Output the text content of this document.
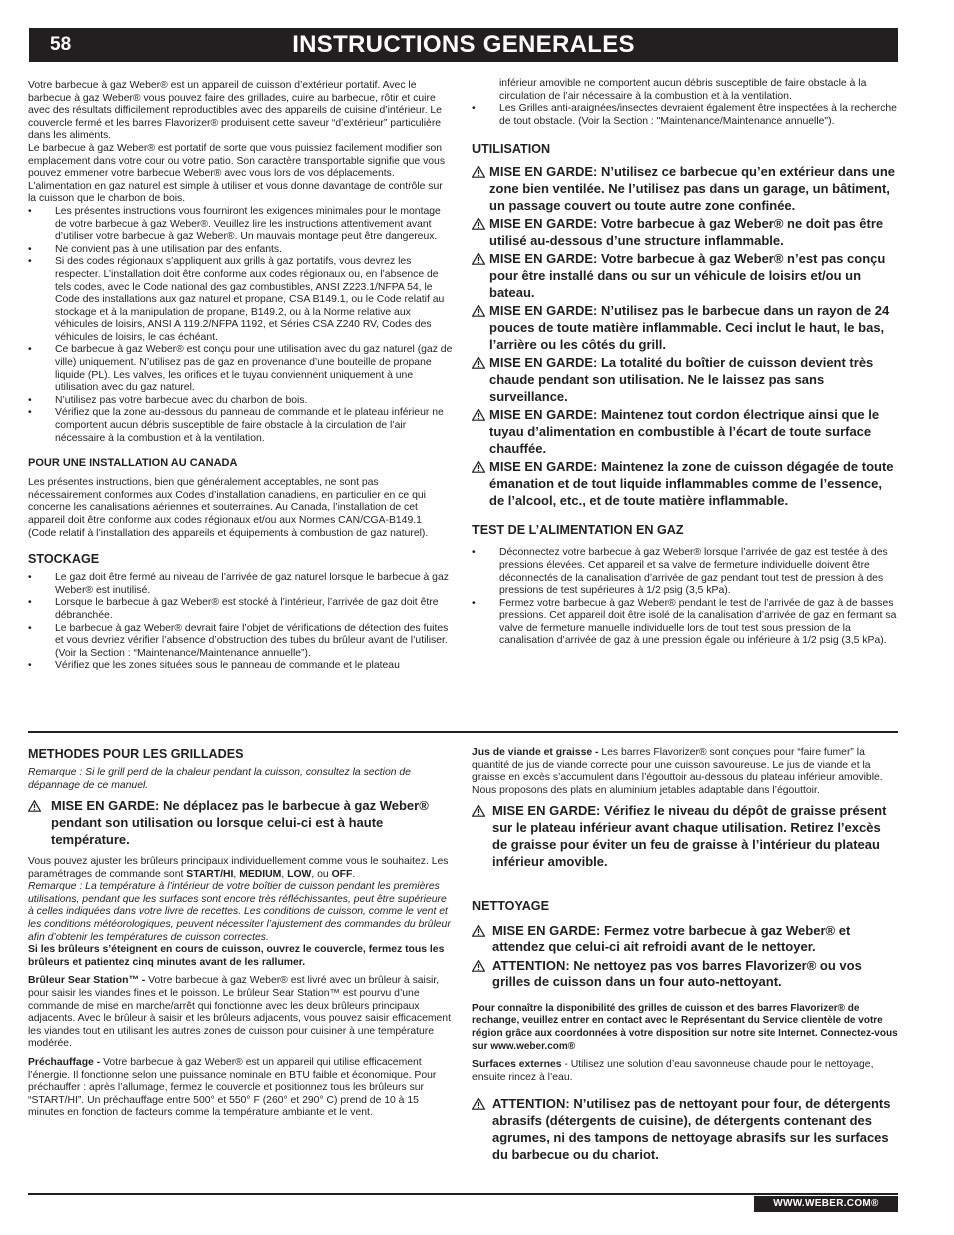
58	INSTRUCTIONS GENERALES

Votre barbecue à gaz Weber® est un appareil de cuisson d’extérieur portatif. Avec le barbecue à gaz Weber® vous pouvez faire des grillades, cuire au barbecue, rôtir et cuire avec des résultats difficilement reproductibles avec des appareils de cuisine d’intérieur. Le couvercle fermé et les barres Flavorizer® produisent cette saveur “d’extérieur” particulière dans les aliments.

Le barbecue à gaz Weber® est portatif de sorte que vous puissiez facilement modifier son emplacement dans votre cour ou votre patio. Son caractère transportable signifie que vous pouvez emmener votre barbecue Weber® avec vous lors de vos déplacements.

L’alimentation en gaz naturel est simple à utiliser et vous donne davantage de contrôle sur la cuisson que le charbon de bois.

• Les présentes instructions vous fourniront les exigences minimales pour le montage de votre barbecue à gaz Weber®. Veuillez lire les instructions attentivement avant d’utiliser votre barbecue à gaz Weber®. Un mauvais montage peut être dangereux.
• Ne convient pas à une utilisation par des enfants.
• Si des codes régionaux s’appliquent aux grills à gaz portatifs, vous devrez les respecter. L’installation doit être conforme aux codes régionaux ou, en l’absence de tels codes, avec le Code national des gaz combustibles, ANSI Z223.1/NFPA 54, le Code des installations aux gaz naturel et propane, CSA B149.1, ou le Code relatif au stockage et à la manipulation de propane, B149.2, ou à la Norme relative aux véhicules de loisirs, ANSI A 119.2/NFPA 1192, et Séries CSA Z240 RV, Codes des véhicules de loisirs, le cas échéant.
• Ce barbecue à gaz Weber® est conçu pour une utilisation avec du gaz naturel (gaz de ville) uniquement. N’utilisez pas de gaz en provenance d’une bouteille de propane liquide (PL). Les valves, les orifices et le tuyau conviennent uniquement à une utilisation avec du gaz naturel.
• N’utilisez pas votre barbecue avec du charbon de bois.
• Vérifiez que la zone au-dessous du panneau de commande et le plateau inférieur ne comportent aucun débris susceptible de faire obstacle à la circulation de l’air nécessaire à la combustion et à la ventilation.
POUR UNE INSTALLATION AU CANADA

Les présentes instructions, bien que généralement acceptables, ne sont pas nécessairement conformes aux Codes d’installation canadiens, en particulier en ce qui concerne les canalisations aériennes et souterraines. Au Canada, l’installation de cet appareil doit être conforme aux codes régionaux et/ou aux Normes CAN/CGA-B149.1 (Code relatif à l’installation des appareils et équipements à combustion de gaz naturel).

STOCKAGE
• Le gaz doit être fermé au niveau de l’arrivée de gaz naturel lorsque le barbecue à gaz Weber® est inutilisé.
• Lorsque le barbecue à gaz Weber® est stocké à l’intérieur, l’arrivée de gaz doit être débranchée.
• Le barbecue à gaz Weber® devrait faire l’objet de vérifications de détection des fuites et vous devriez vérifier l’absence d’obstruction des tubes du brûleur avant de l’utiliser. (Voir la Section : “Maintenance/Maintenance annuelle”).
• Vérifiez que les zones situées sous le panneau de commande et le plateau

inférieur amovible ne comportent aucun débris susceptible de faire obstacle à la circulation de l’air nécessaire à la combustion et à la ventilation.

• Les Grilles anti-araignées/insectes devraient également être inspectées à la recherche de tout obstacle. (Voir la Section : "Maintenance/Maintenance annuelle").
UTILISATION
MISE EN GARDE: N’utilisez ce barbecue qu’en extérieur dans une zone bien ventilée. Ne l’utilisez pas dans un garage, un bâtiment, un passage couvert ou toute autre zone confinée.
MISE EN GARDE: Votre barbecue à gaz Weber® ne doit pas être utilisé au-dessous d’une structure inflammable.
MISE EN GARDE: Votre barbecue à gaz Weber® n’est pas conçu pour être installé dans ou sur un véhicule de loisirs et/ou un bateau.
MISE EN GARDE: N’utilisez pas le barbecue dans un rayon de 24 pouces de toute matière inflammable. Ceci inclut le haut, le bas, l’arrière ou les côtés du grill.
MISE EN GARDE: La totalité du boîtier de cuisson devient très chaude pendant son utilisation. Ne le laissez pas sans surveillance.
MISE EN GARDE: Maintenez tout cordon électrique ainsi que le tuyau d’alimentation en combustible à l’écart de toute surface chauffée.
MISE EN GARDE: Maintenez la zone de cuisson dégagée de toute émanation et de tout liquide inflammables comme de l’essence, de l’alcool, etc., et de toute matière inflammable.
TEST DE L’ALIMENTATION EN GAZ
• Déconnectez votre barbecue à gaz Weber® lorsque l’arrivée de gaz est testée à des pressions élevées. Cet appareil et sa valve de fermeture individuelle doivent être déconnectés de la canalisation d’arrivée de gaz pendant tout test de pression à des pressions de test supérieures à 1/2 psig (3,5 kPa).
• Fermez votre barbecue à gaz Weber® pendant le test de l’arrivée de gaz à de basses pressions. Cet appareil doit être isolé de la canalisation d’arrivée de gaz en fermant sa valve de fermeture manuelle individuelle lors de tout test sous pression de la canalisation d’arrivée de gaz à une pression égale ou inférieure à 1/2 psig (3,5 kPa).
METHODES POUR LES GRILLADES

Remarque : Si le grill perd de la chaleur pendant la cuisson, consultez la section de dépannage de ce manuel.

MISE EN GARDE: Ne déplacez pas le barbecue à gaz Weber® pendant son utilisation ou lorsque celui-ci est à haute température.

Vous pouvez ajuster les brûleurs principaux individuellement comme vous le souhaitez. Les paramétrages de commande sont START/HI, MEDIUM, LOW, ou OFF.

Remarque : La température à l’intérieur de votre boîtier de cuisson pendant les premières utilisations, pendant que les surfaces sont encore très réfléchissantes, peut être supérieure à celles indiquées dans votre livre de recettes. Les conditions de cuisson, comme le vent et les conditions météorologiques, peuvent nécessiter l’ajustement des commandes du brûleur afin d’obtenir les températures de cuisson correctes.

Si les brûleurs s’éteignent en cours de cuisson, ouvrez le couvercle, fermez tous les brûleurs et patientez cinq minutes avant de les rallumer.

Brûleur Sear Station™ - Votre barbecue à gaz Weber® est livré avec un brûleur à saisir, pour saisir les viandes fines et le poisson. Le brûleur Sear Station™ est pourvu d’une commande de mise en marche/arrêt qui fonctionne avec les deux brûleurs principaux adjacents. Avec le brûleur à saisir et les brûleurs adjacents, vous pouvez saisir efficacement les viandes tout en utilisant les autres zones de cuisson pour cuisiner à une température modérée.

Préchauffage - Votre barbecue à gaz Weber® est un appareil qui utilise efficacement l’énergie. Il fonctionne selon une puissance nominale en BTU faible et économique. Pour préchauffer : après l’allumage, fermez le couvercle et positionnez tous les brûleurs sur “START/HI”. Un préchauffage entre 500° et 550° F (260° et 290° C) prend de 10 à 15 minutes en fonction de facteurs comme la température ambiante et le vent.

Jus de viande et graisse - Les barres Flavorizer® sont conçues pour “faire fumer” la quantité de jus de viande correcte pour une cuisson savoureuse. Le jus de viande et la graisse en excès s’accumulent dans l’égouttoir au-dessous du plateau inférieur amovible. Nous proposons des plats en aluminium jetables adaptable dans l’égouttoir.

MISE EN GARDE: Vérifiez le niveau du dépôt de graisse présent sur le plateau inférieur avant chaque utilisation. Retirez l’excès de graisse pour éviter un feu de graisse à l’intérieur du plateau inférieur amovible.
NETTOYAGE
MISE EN GARDE: Fermez votre barbecue à gaz Weber® et attendez que celui-ci ait refroidi avant de le nettoyer.
ATTENTION: Ne nettoyez pas vos barres Flavorizer® ou vos grilles de cuisson dans un four auto-nettoyant.

Pour connaître la disponibilité des grilles de cuisson et des barres Flavorizer® de rechange, veuillez entrer en contact avec le Représentant du Service clientèle de votre région grâce aux coordonnées à votre disposition sur notre site Internet. Connectez-vous sur www.weber.com®

Surfaces externes - Utilisez une solution d’eau savonneuse chaude pour le nettoyage, ensuite rincez à l’eau.

ATTENTION: N’utilisez pas de nettoyant pour four, de détergents abrasifs (détergents de cuisine), de détergents contenant des agrumes, ni des tampons de nettoyage abrasifs sur les surfaces du barbecue ou du chariot.
WWW.WEBER.COM®
